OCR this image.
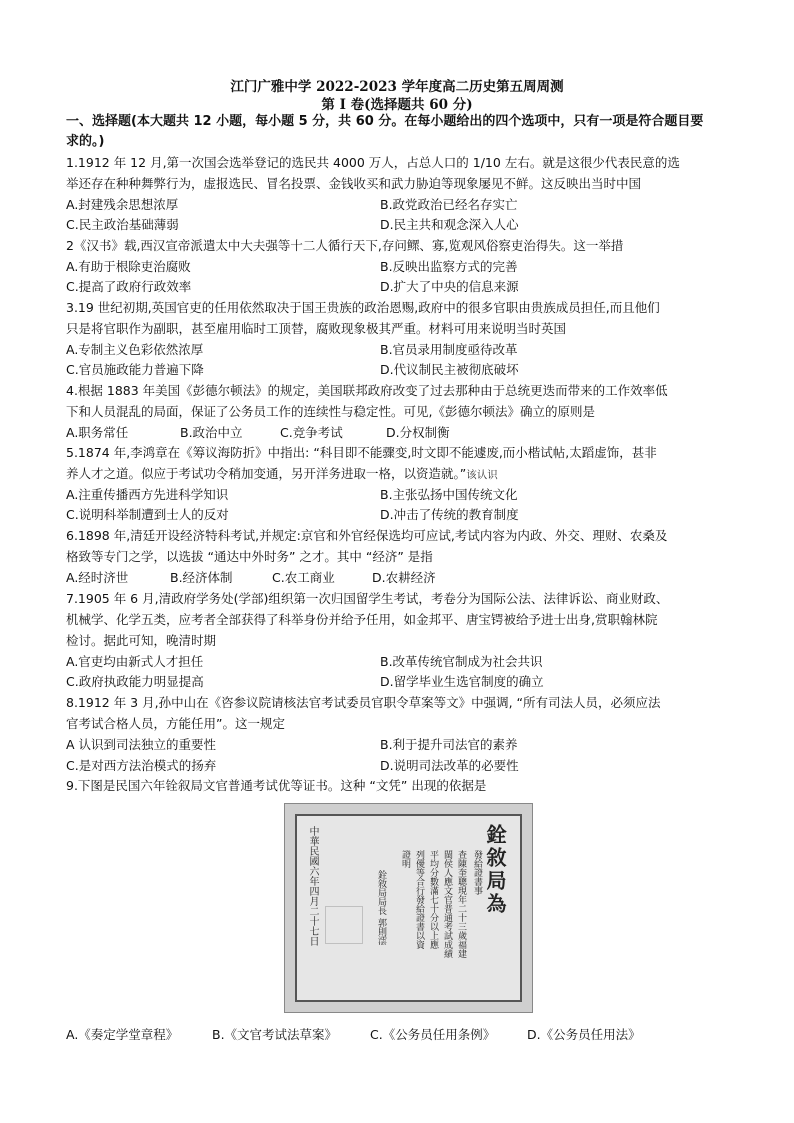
江门广雅中学 2022-2023 学年度高二历史第五周周测
第 I 卷(选择题共 60 分)
一、选择题(本大题共 12 小题，每小题 5 分，共 60 分。在每小题给出的四个选项中，只有一项是符合题目要
求的。)
1.1912 年 12 月,第一次国会选举登记的选民共 4000 万人，占总人口的 1/10 左右。就是这很少代表民意的选
举还存在种种舞弊行为，虚报选民、冒名投票、金钱收买和武力胁迫等现象屡见不鲜。这反映出当时中国
A.封建残余思想浓厚	B.政党政治已经名存实亡
C.民主政治基础薄弱	D.民主共和观念深入人心
2《汉书》载,西汉宣帝派遣太中大夫强等十二人循行天下,存问鳏、寡,览观风俗察吏治得失。这一举措
A.有助于根除吏治腐败	B.反映出监察方式的完善
C.提高了政府行政效率	D.扩大了中央的信息来源
3.19 世纪初期,英国官吏的任用依然取决于国王贵族的政治恩赐,政府中的很多官职由贵族成员担任,而且他们
只是将官职作为副职，甚至雇用临时工顶替，腐败现象极其严重。材料可用来说明当时英国
A.专制主义色彩依然浓厚	B.官员录用制度亟待改革
C.官员施政能力普遍下降	D.代议制民主被彻底破坏
4.根据 1883 年美国《彭德尔顿法》的规定，美国联邦政府改变了过去那种由于总统更迭而带来的工作效率低
下和人员混乱的局面，保证了公务员工作的连续性与稳定性。可见,《彭德尔顿法》确立的原则是
A.职务常任	B.政治中立	C.竞争考试	D.分权制衡
5.1874 年,李鸿章在《筹议海防折》中指出: “科目即不能骤变,时文即不能遽废,而小楷试帖,太蹈虚饰，甚非
养人才之道。似应于考试功令稍加变通，另开洋务进取一格，以资造就。”该认识
A.注重传播西方先进科学知识	B.主张弘扬中国传统文化
C.说明科举制遭到士人的反对	D.冲击了传统的教育制度
6.1898 年,清廷开设经济特科考试,并规定:京官和外官经保选均可应试,考试内容为内政、外交、理财、农桑及
格致等专门之学，以选拔 “通达中外时务” 之才。其中 “经济” 是指
A.经时济世	B.经济体制	C.农工商业	D.农耕经济
7.1905 年 6 月,清政府学务处(学部)组织第一次归国留学生考试，考卷分为国际公法、法律诉讼、商业财政、
机械学、化学五类，应考者全部获得了科举身份并给予任用，如金邦平、唐宝锷被给予进士出身,赏职翰林院
检讨。据此可知，晚清时期
A.官吏均由新式人才担任	B.改革传统官制成为社会共识
C.政府执政能力明显提高	D.留学毕业生选官制度的确立
8.1912 年 3 月,孙中山在《咨参议院请核法官考试委员官职令草案等文》中强调, “所有司法人员，必须应法
官考试合格人员，方能任用”。这一规定
A 认识到司法独立的重要性	B.利于提升司法官的素养
C.是对西方法治模式的扬弃	D.说明司法改革的必要性
9.下图是民国六年铨叙局文官普通考试优等证书。这种 “文凭” 出现的依据是
銓敘局為
發給證書事
查陳奎聰現年二十三歲福建
閩侯人應文官普通考試成績
平均分數滿七十分以上應
列優等合行發給證書以資
證明
銓敘局局長 郭則澐
中華民國六年四月二十七日
A.《奏定学堂章程》	B.《文官考试法草案》	C.《公务员任用条例》	D.《公务员任用法》
